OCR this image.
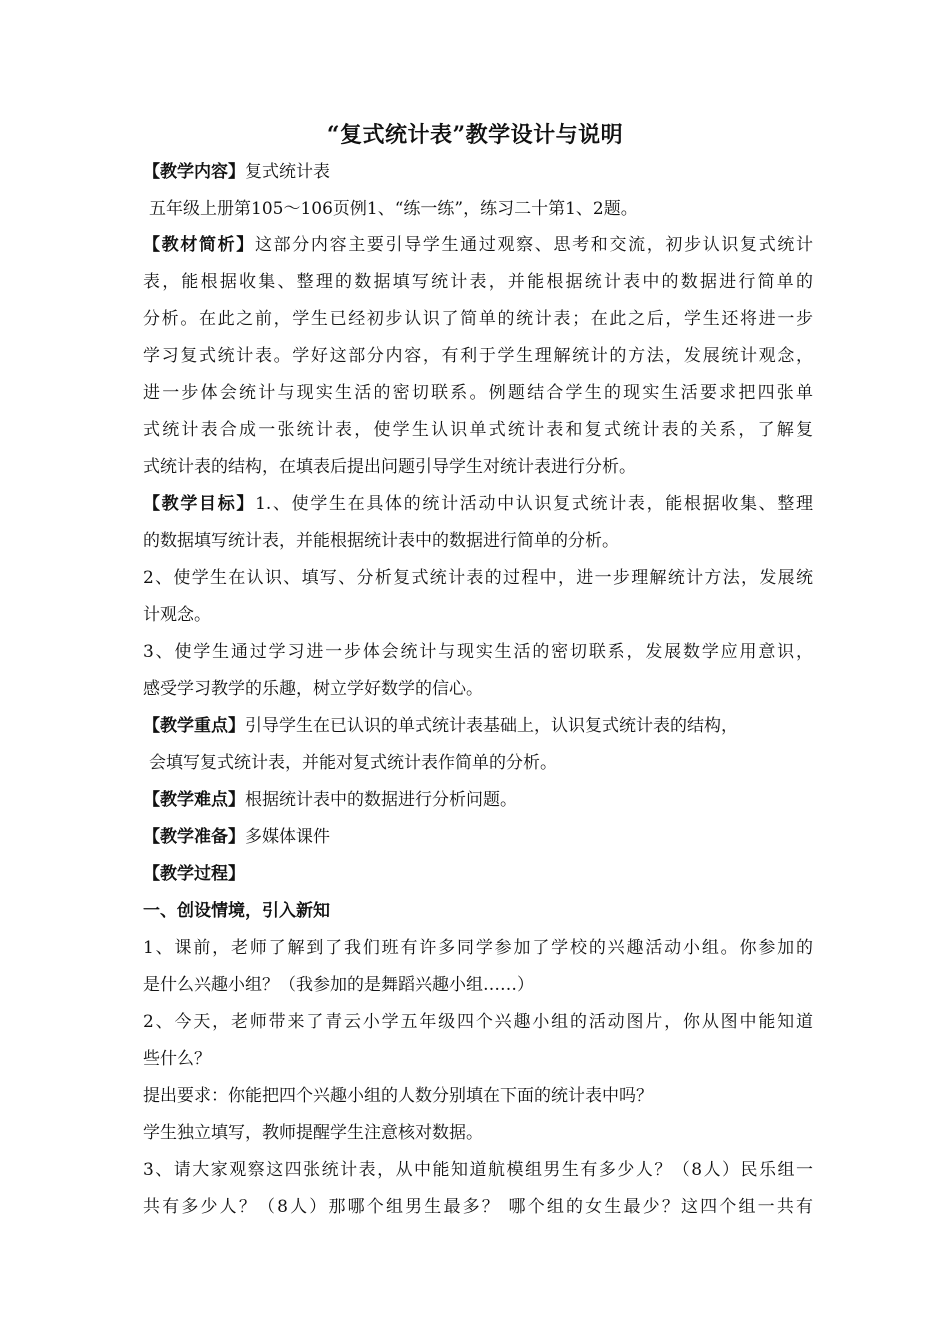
“复式统计表”教学设计与说明
【教学内容】复式统计表
五年级上册第105～106页例1、“练一练”，练习二十第1、2题。
【教材简析】这部分内容主要引导学生通过观察、思考和交流，初步认识复式统计
表，能根据收集、整理的数据填写统计表，并能根据统计表中的数据进行简单的
分析。在此之前，学生已经初步认识了简单的统计表；在此之后，学生还将进一步
学习复式统计表。学好这部分内容，有利于学生理解统计的方法，发展统计观念，
进一步体会统计与现实生活的密切联系。例题结合学生的现实生活要求把四张单
式统计表合成一张统计表，使学生认识单式统计表和复式统计表的关系，了解复
式统计表的结构，在填表后提出问题引导学生对统计表进行分析。
【教学目标】1.、使学生在具体的统计活动中认识复式统计表，能根据收集、整理
的数据填写统计表，并能根据统计表中的数据进行简单的分析。
2、使学生在认识、填写、分析复式统计表的过程中，进一步理解统计方法，发展统
计观念。
3、使学生通过学习进一步体会统计与现实生活的密切联系，发展数学应用意识，
感受学习教学的乐趣，树立学好数学的信心。
【教学重点】引导学生在已认识的单式统计表基础上，认识复式统计表的结构，
会填写复式统计表，并能对复式统计表作简单的分析。
【教学难点】根据统计表中的数据进行分析问题。
【教学准备】多媒体课件
【教学过程】
一、创设情境，引入新知
1、课前，老师了解到了我们班有许多同学参加了学校的兴趣活动小组。你参加的
是什么兴趣小组？（我参加的是舞蹈兴趣小组……）
2、今天，老师带来了青云小学五年级四个兴趣小组的活动图片，你从图中能知道
些什么？
提出要求：你能把四个兴趣小组的人数分别填在下面的统计表中吗？
学生独立填写，教师提醒学生注意核对数据。
3、请大家观察这四张统计表，从中能知道航模组男生有多少人？（8人）民乐组一
共有多少人？（8人）那哪个组男生最多？ 哪个组的女生最少？这四个组一共有
